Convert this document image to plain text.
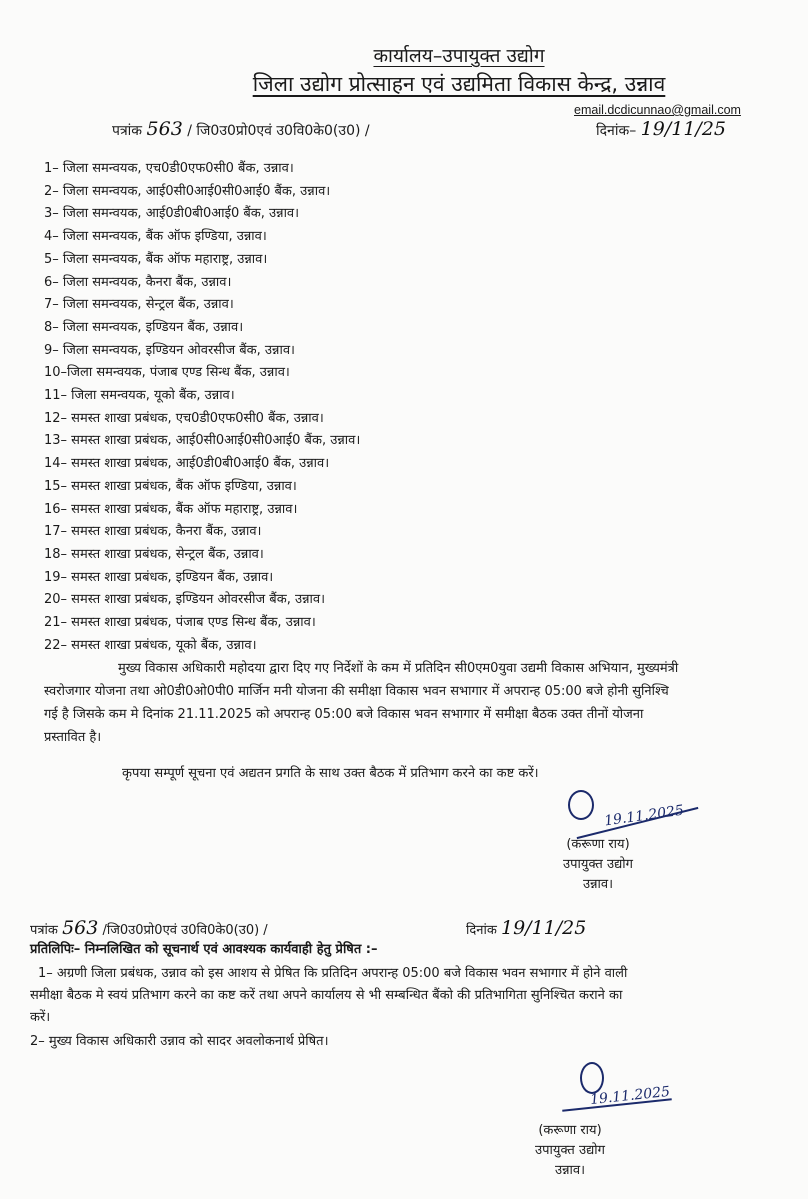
कार्यालय–उपायुक्त उद्योग
जिला उद्योग प्रोत्साहन एवं उद्यमिता विकास केन्द्र, उन्नाव
email.dcdicunnao@gmail.com
पत्रांक 563 / जि0उ0प्रो0एवं उ0वि0के0(उ0) /	दिनांक– 19/11/25
1– जिला समन्वयक, एच0डी0एफ0सी0 बैंक, उन्नाव।
2– जिला समन्वयक, आई0सी0आई0सी0आई0 बैंक, उन्नाव।
3– जिला समन्वयक, आई0डी0बी0आई0 बैंक, उन्नाव।
4– जिला समन्वयक, बैंक ऑफ इण्डिया, उन्नाव।
5– जिला समन्वयक, बैंक ऑफ महाराष्ट्र, उन्नाव।
6– जिला समन्वयक, कैनरा बैंक, उन्नाव।
7– जिला समन्वयक, सेन्ट्रल बैंक, उन्नाव।
8– जिला समन्वयक, इण्डियन बैंक, उन्नाव।
9– जिला समन्वयक, इण्डियन ओवरसीज बैंक, उन्नाव।
10–जिला समन्वयक, पंजाब एण्ड सिन्ध बैंक, उन्नाव।
11– जिला समन्वयक, यूको बैंक, उन्नाव।
12– समस्त शाखा प्रबंधक, एच0डी0एफ0सी0 बैंक, उन्नाव।
13– समस्त शाखा प्रबंधक, आई0सी0आई0सी0आई0 बैंक, उन्नाव।
14– समस्त शाखा प्रबंधक, आई0डी0बी0आई0 बैंक, उन्नाव।
15– समस्त शाखा प्रबंधक, बैंक ऑफ इण्डिया, उन्नाव।
16– समस्त शाखा प्रबंधक, बैंक ऑफ महाराष्ट्र, उन्नाव।
17– समस्त शाखा प्रबंधक, कैनरा बैंक, उन्नाव।
18– समस्त शाखा प्रबंधक, सेन्ट्रल बैंक, उन्नाव।
19– समस्त शाखा प्रबंधक, इण्डियन बैंक, उन्नाव।
20– समस्त शाखा प्रबंधक, इण्डियन ओवरसीज बैंक, उन्नाव।
21– समस्त शाखा प्रबंधक, पंजाब एण्ड सिन्ध बैंक, उन्नाव।
22– समस्त शाखा प्रबंधक, यूको बैंक, उन्नाव।
मुख्य विकास अधिकारी महोदया द्वारा दिए गए निर्देशों के कम में प्रतिदिन सी0एम0युवा उद्यमी विकास अभियान, मुख्यमंत्री
स्वरोजगार योजना तथा ओ0डी0ओ0पी0 मार्जिन मनी योजना की समीक्षा विकास भवन सभागार में अपरान्ह 05:00 बजे होनी सुनिश्चि
गई है जिसके कम मे दिनांक 21.11.2025 को अपरान्ह 05:00 बजे विकास भवन सभागार में समीक्षा बैठक उक्त तीनों योजना
प्रस्तावित है।
कृपया सम्पूर्ण सूचना एवं अद्यतन प्रगति के साथ उक्त बैठक में प्रतिभाग करने का कष्ट करें।
19.11.2025
(करूणा राय)
उपायुक्त उद्योग
उन्नाव।
पत्रांक 563 /जि0उ0प्रो0एवं उ0वि0के0(उ0) /	दिनांक 19/11/25
प्रतिलिपिः– निम्नलिखित को सूचनार्थ एवं आवश्यक कार्यवाही हेतु प्रेषित :–
1– अग्रणी जिला प्रबंधक, उन्नाव को इस आशय से प्रेषित कि प्रतिदिन अपरान्ह 05:00 बजे विकास भवन सभागार में होने वाली
समीक्षा बैठक मे स्वयं प्रतिभाग करने का कष्ट करें तथा अपने कार्यालय से भी सम्बन्धित बैंको की प्रतिभागिता सुनिश्चित कराने का
करें।
2– मुख्य विकास अधिकारी उन्नाव को सादर अवलोकनार्थ प्रेषित।
19.11.2025
(करूणा राय)
उपायुक्त उद्योग
उन्नाव।
